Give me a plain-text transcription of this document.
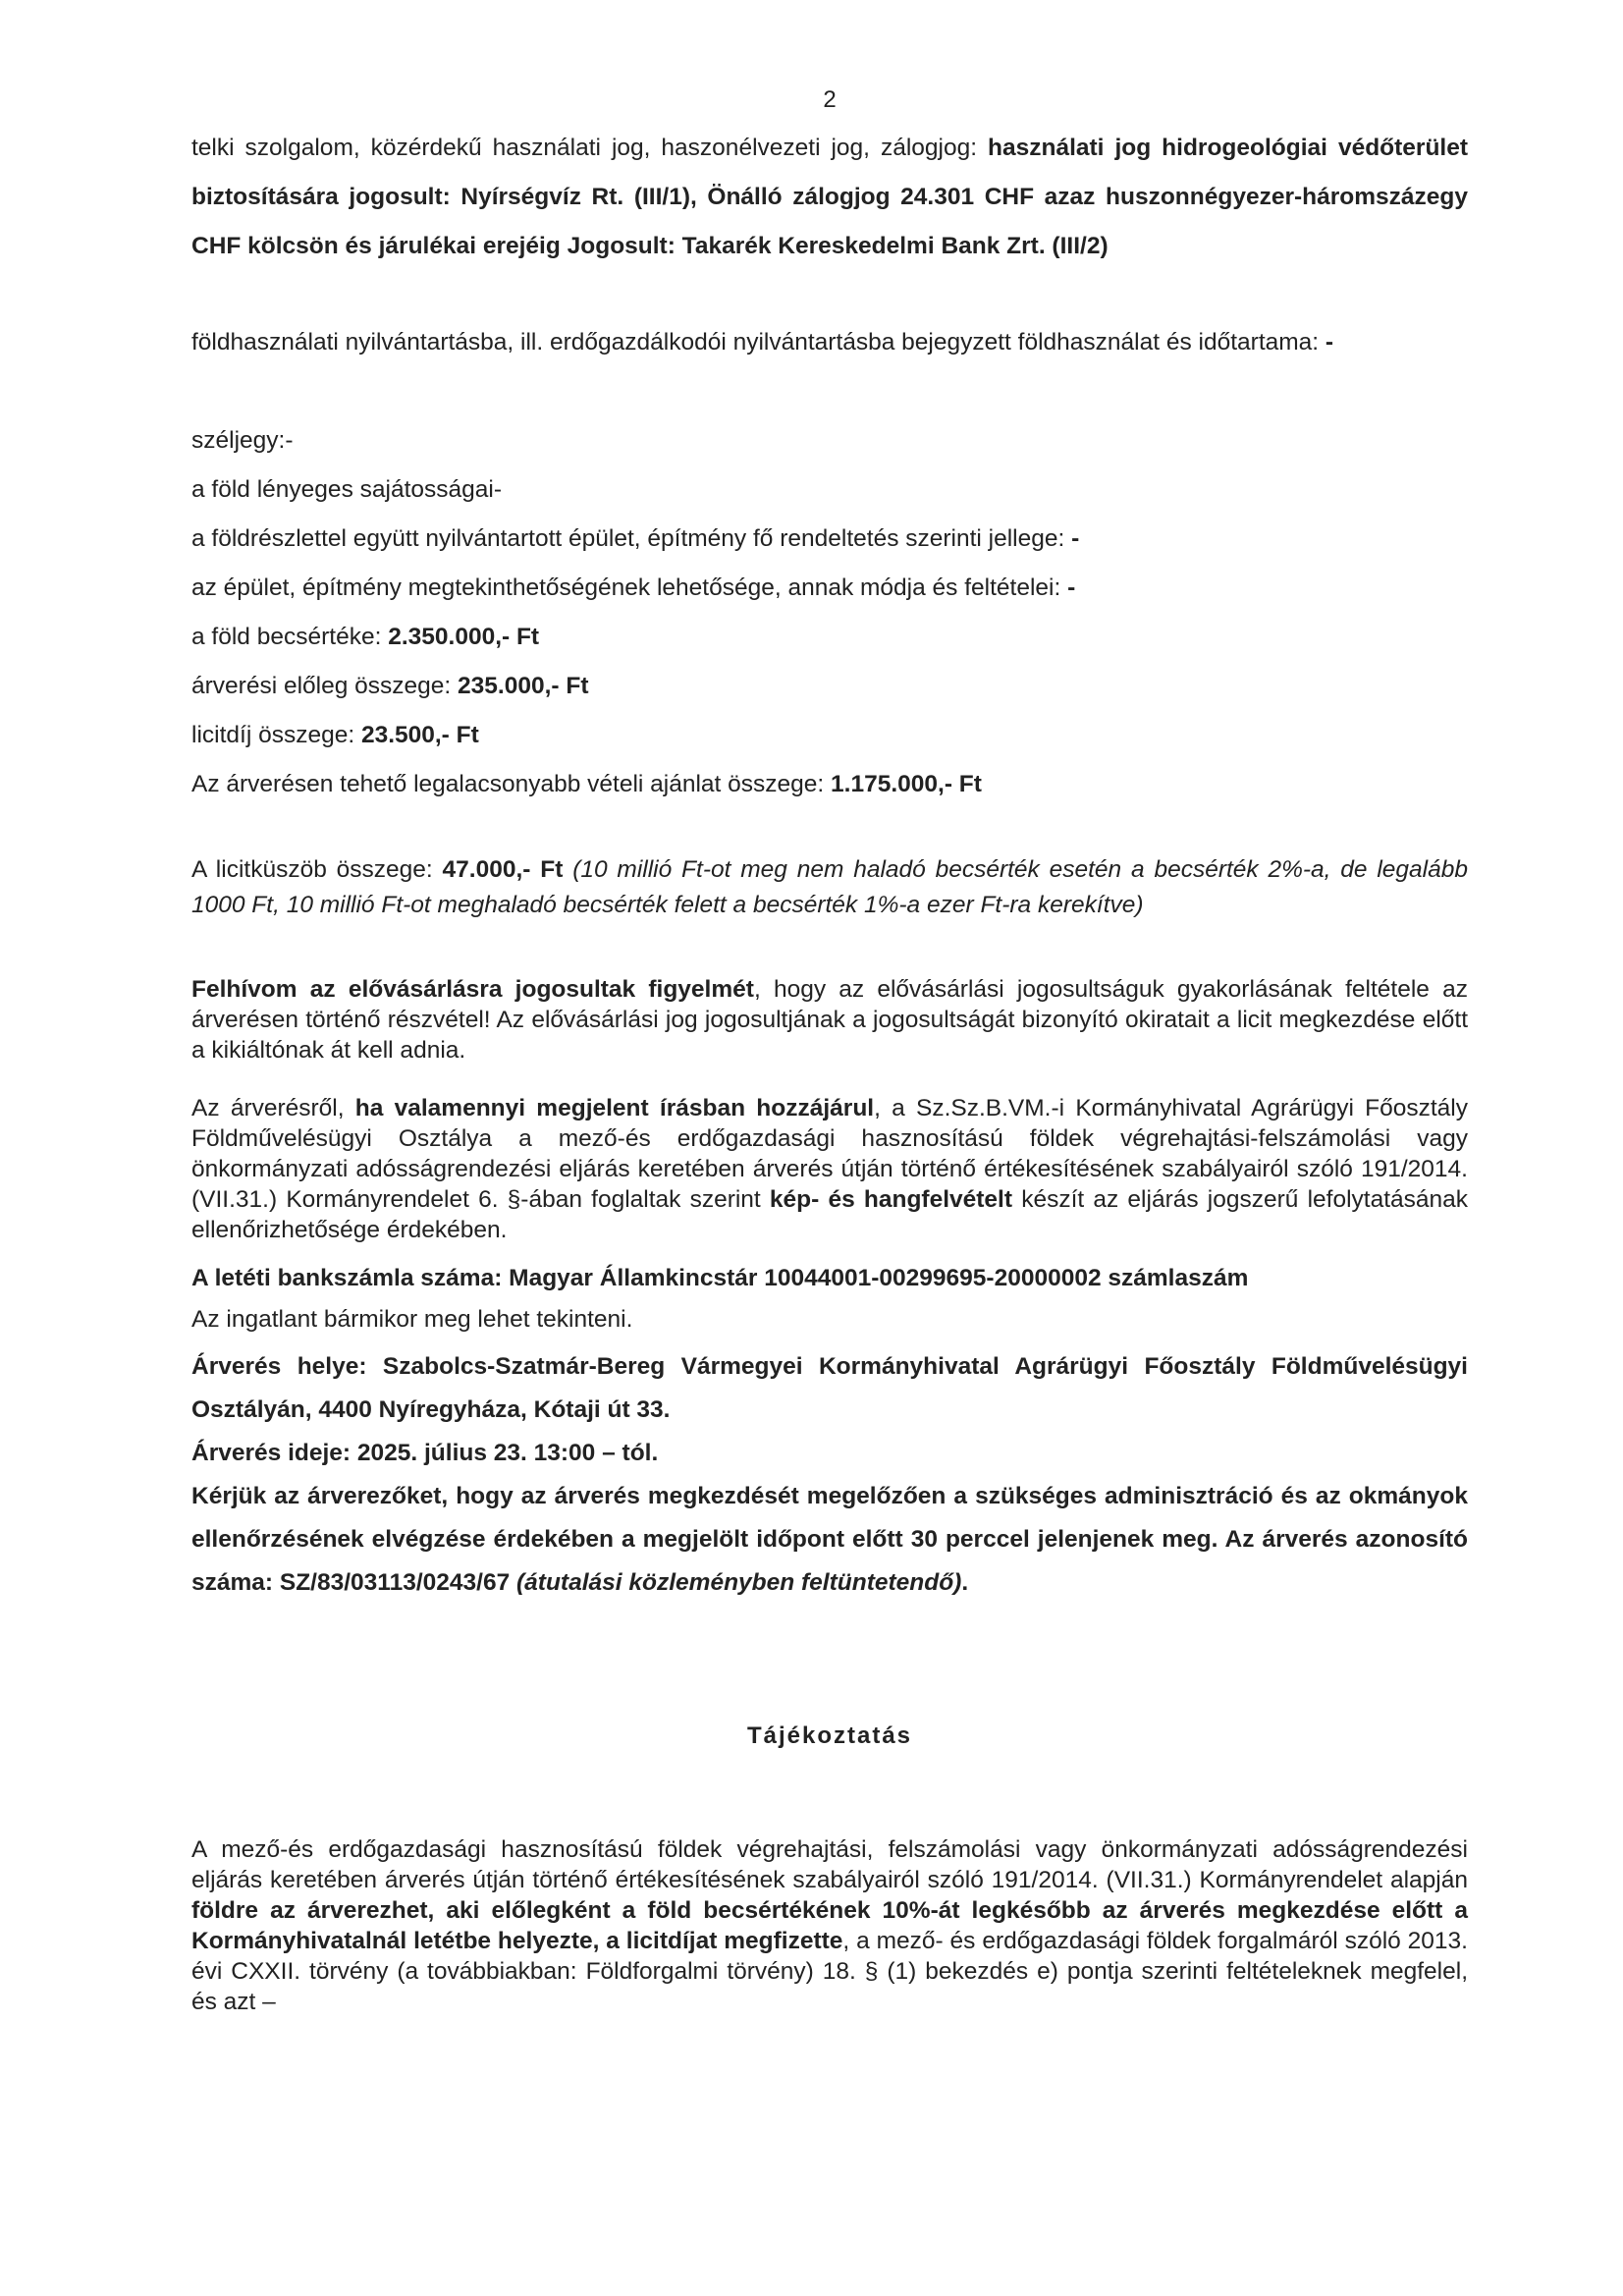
2

telki szolgalom, közérdekű használati jog, haszonélvezeti jog, zálogjog: használati jog hidrogeológiai védőterület biztosítására jogosult: Nyírségvíz Rt. (III/1), Önálló zálogjog 24.301 CHF azaz huszonnégyezer-háromszázegy CHF kölcsön és járulékai erejéig Jogosult: Takarék Kereskedelmi Bank Zrt. (III/2)

földhasználati nyilvántartásba, ill. erdőgazdálkodói nyilvántartásba bejegyzett földhasználat és időtartama: -

széljegy:-

a föld lényeges sajátosságai-

a földrészlettel együtt nyilvántartott épület, építmény fő rendeltetés szerinti jellege: -

az épület, építmény megtekinthetőségének lehetősége, annak módja és feltételei: -

a föld becsértéke: 2.350.000,- Ft

árverési előleg összege: 235.000,- Ft

licitdíj összege: 23.500,- Ft

Az árverésen tehető legalacsonyabb vételi ajánlat összege: 1.175.000,- Ft

A licitküszöb összege: 47.000,- Ft (10 millió Ft-ot meg nem haladó becsérték esetén a becsérték 2%-a, de legalább 1000 Ft, 10 millió Ft-ot meghaladó becsérték felett a becsérték 1%-a ezer Ft-ra kerekítve)

Felhívom az elővásárlásra jogosultak figyelmét, hogy az elővásárlási jogosultságuk gyakorlásának feltétele az árverésen történő részvétel! Az elővásárlási jog jogosultjának a jogosultságát bizonyító okiratait a licit megkezdése előtt a kikiáltónak át kell adnia.

Az árverésről, ha valamennyi megjelent írásban hozzájárul, a Sz.Sz.B.VM.-i Kormányhivatal Agrárügyi Főosztály Földművelésügyi Osztálya a mező-és erdőgazdasági hasznosítású földek végrehajtási-felszámolási vagy önkormányzati adósságrendezési eljárás keretében árverés útján történő értékesítésének szabályairól szóló 191/2014. (VII.31.) Kormányrendelet 6. §-ában foglaltak szerint kép- és hangfelvételt készít az eljárás jogszerű lefolytatásának ellenőrizhetősége érdekében.

A letéti bankszámla száma: Magyar Államkincstár 10044001-00299695-20000002 számlaszám

Az ingatlant bármikor meg lehet tekinteni.

Árverés helye: Szabolcs-Szatmár-Bereg Vármegyei Kormányhivatal Agrárügyi Főosztály Földművelésügyi Osztályán, 4400 Nyíregyháza, Kótaji út 33.

Árverés ideje: 2025. július 23. 13:00 – tól.

Kérjük az árverezőket, hogy az árverés megkezdését megelőzően a szükséges adminisztráció és az okmányok ellenőrzésének elvégzése érdekében a megjelölt időpont előtt 30 perccel jelenjenek meg. Az árverés azonosító száma: SZ/83/03113/0243/67 (átutalási közleményben feltüntetendő).

Tájékoztatás

A mező-és erdőgazdasági hasznosítású földek végrehajtási, felszámolási vagy önkormányzati adósságrendezési eljárás keretében árverés útján történő értékesítésének szabályairól szóló 191/2014. (VII.31.) Kormányrendelet alapján földre az árverezhet, aki előlegként a föld becsértékének 10%-át legkésőbb az árverés megkezdése előtt a Kormányhivatalnál letétbe helyezte, a licitdíjat megfizette, a mező- és erdőgazdasági földek forgalmáról szóló 2013. évi CXXII. törvény (a továbbiakban: Földforgalmi törvény) 18. § (1) bekezdés e) pontja szerinti feltételeknek megfelel, és azt –
